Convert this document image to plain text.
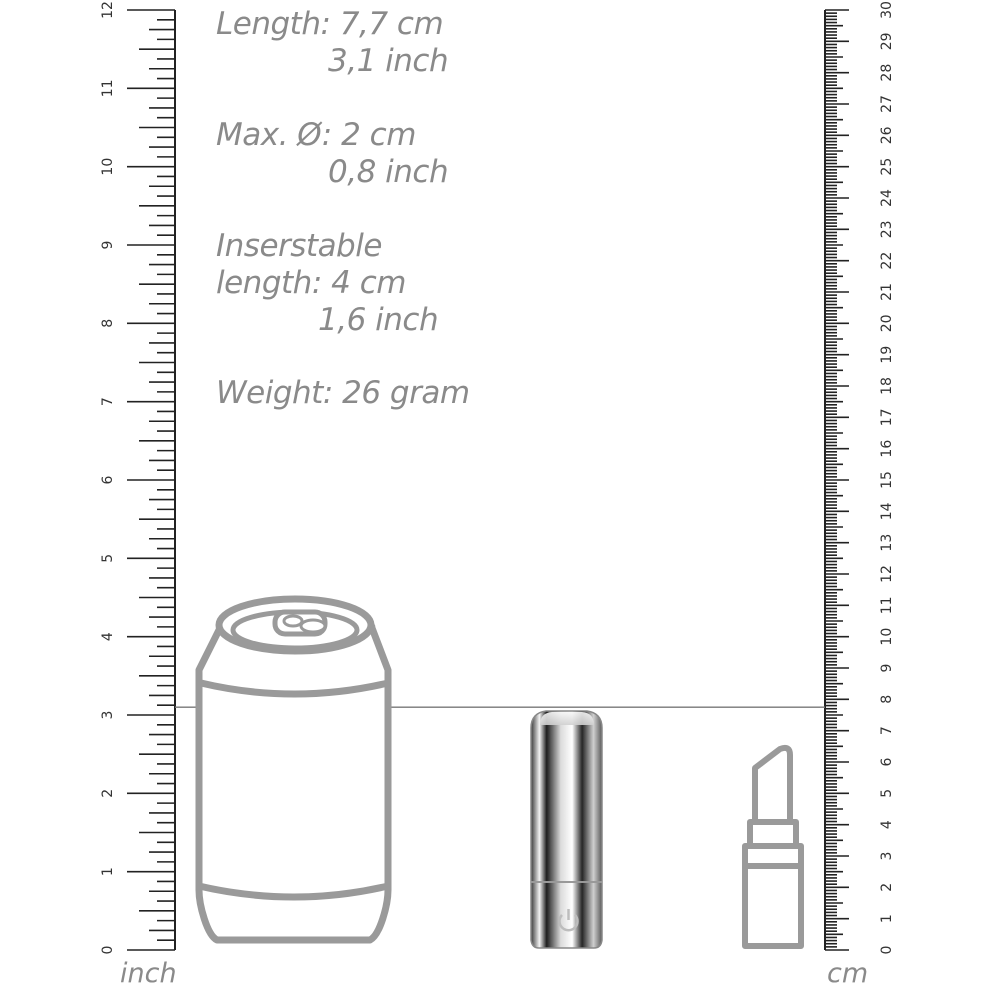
0
1
2
3
4
5
6
7
8
9
10
11
12
0
1
2
3
4
5
6
7
8
9
10
11
12
13
14
15
16
17
18
19
20
21
22
23
24
25
26
27
28
29
30

Length: 7,7 cm

3,1 inch

Max. Ø: 2 cm

0,8 inch

Inserstable

length: 4 cm

1,6 inch

Weight: 26 gram

inch	cm
